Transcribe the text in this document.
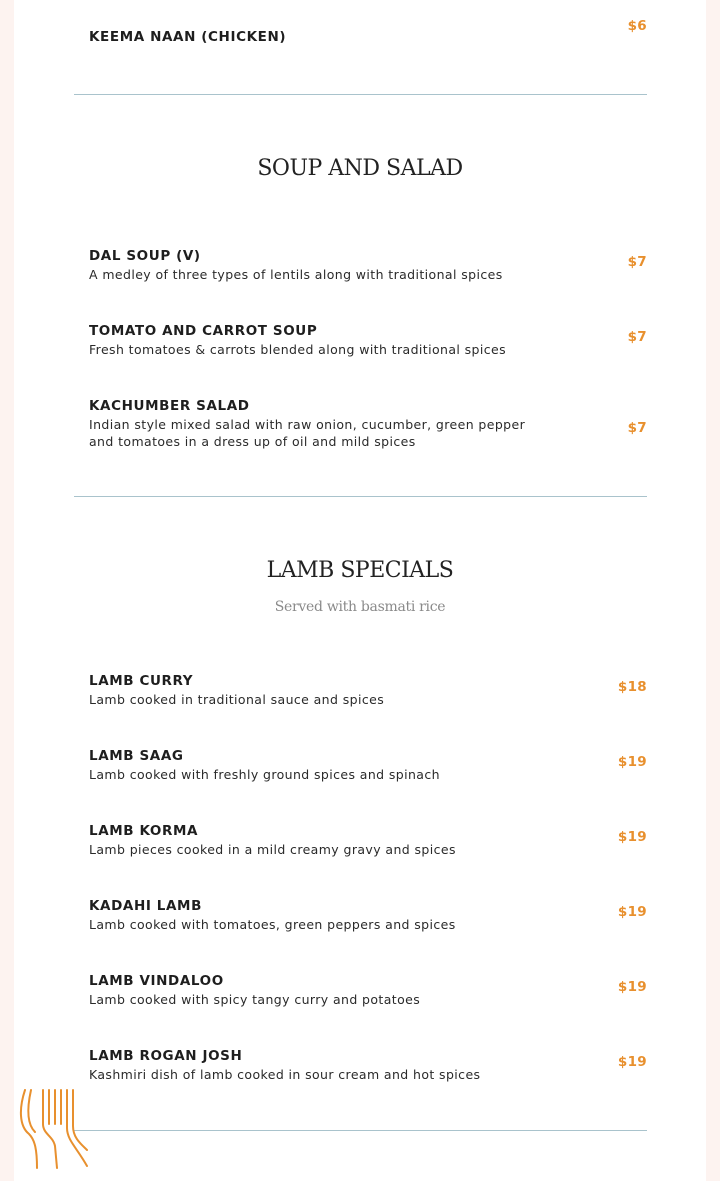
KEEMA NAAN (CHICKEN)
$6
SOUP AND SALAD
DAL SOUP (V)
A medley of three types of lentils along with traditional spices
$7
TOMATO AND CARROT SOUP
Fresh tomatoes & carrots blended along with traditional spices
$7
KACHUMBER SALAD
Indian style mixed salad with raw onion, cucumber, green pepper and tomatoes in a dress up of oil and mild spices
$7
LAMB SPECIALS
Served with basmati rice
LAMB CURRY
Lamb cooked in traditional sauce and spices
$18
LAMB SAAG
Lamb cooked with freshly ground spices and spinach
$19
LAMB KORMA
Lamb pieces cooked in a mild creamy gravy and spices
$19
KADAHI LAMB
Lamb cooked with tomatoes, green peppers and spices
$19
LAMB VINDALOO
Lamb cooked with spicy tangy curry and potatoes
$19
LAMB ROGAN JOSH
Kashmiri dish of lamb cooked in sour cream and hot spices
$19
